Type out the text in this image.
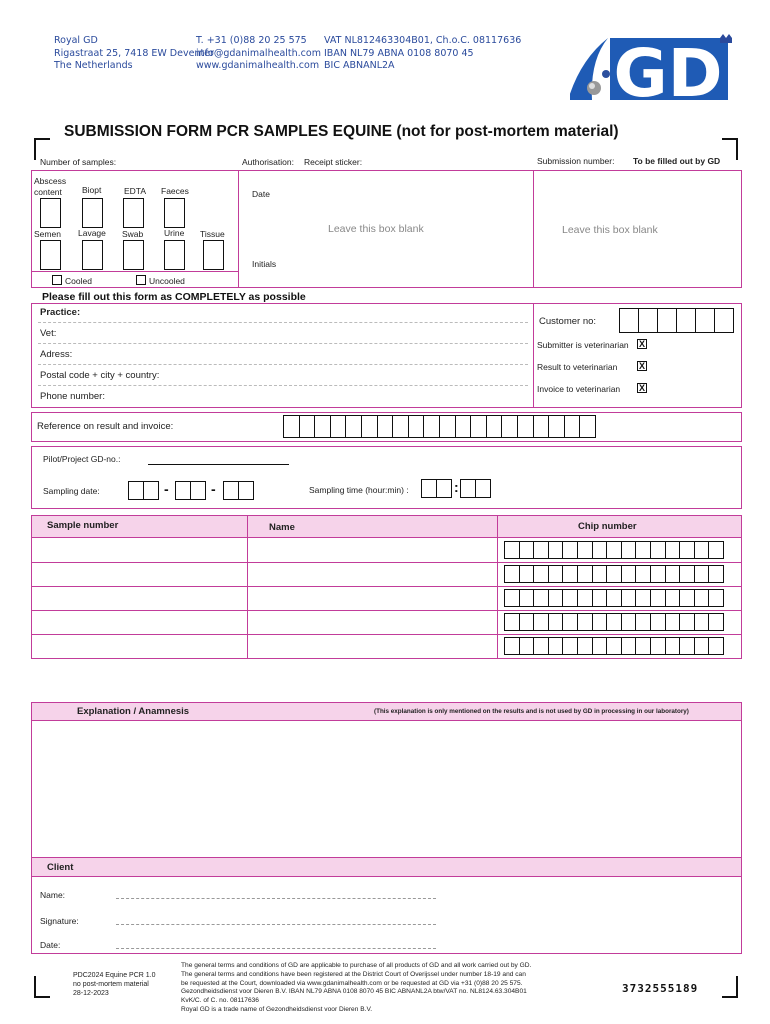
Royal GD
Rigastraat 25, 7418 EW Deventer
The Netherlands
T. +31 (0)88 20 25 575
info@gdanimalhealth.com
www.gdanimalhealth.com
VAT NL812463304B01, Ch.o.C. 08117636
IBAN NL79 ABNA 0108 8070 45
BIC ABNANL2A	GD
SUBMISSION FORM PCR SAMPLES EQUINE (not for post-mortem material)
Number of samples:	Authorisation: Receipt sticker:	Submission number: To be filled out by GD
Abscess content	Biopt	EDTA Faeces
Semen Lavage Swab Urine Tissue
Cooled	Uncooled
Date
Initials
Leave this box blank	Leave this box blank
Please fill out this form as COMPLETELY as possible
Practice:
Vet:
Adress:
Postal code + city + country:
Phone number:
Customer no:
Submitter is veterinarian X
Result to veterinarian X
Invoice to veterinarian X
Reference on result and invoice:
Pilot/Project GD-no.:
Sampling date:	-	-	Sampling time (hour:min) :	:
Sample number	Name	Chip number
Explanation / Anamnesis	(This explanation is only mentioned on the results and is not used by GD in processing in our laboratory)
Client
Name:
Signature:
Date:
PDC2024 Equine PCR 1.0
no post-mortem material
28-12-2023
The general terms and conditions of GD are applicable to purchase of all products of GD and all work carried out by GD.
The general terms and conditions have been registered at the District Court of Overijssel under number 18-19 and can
be requested at the Court, downloaded via www.gdanimalhealth.com or be requested at GD via +31 (0)88 20 25 575.
Gezondheidsdienst voor Dieren B.V. IBAN NL79 ABNA 0108 8070 45 BIC ABNANL2A btw/VAT no. NL8124.63.304B01
KvK/C. of C. no. 08117636
Royal GD is a trade name of Gezondheidsdienst voor Dieren B.V.
3732555189
